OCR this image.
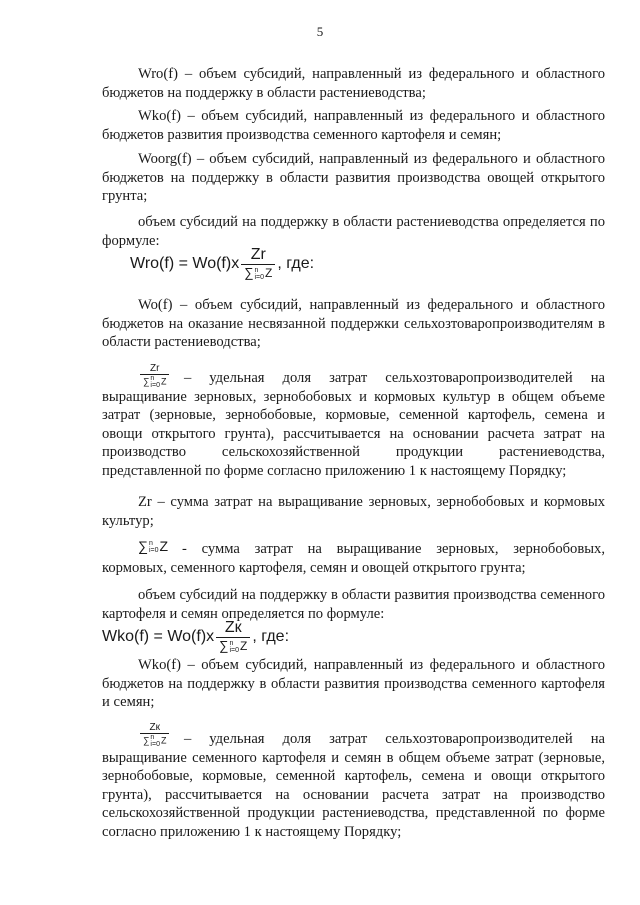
5
Wro(f) – объем субсидий, направленный из федерального и областного бюджетов на поддержку в области растениеводства;
Wko(f) – объем субсидий, направленный из федерального и областного бюджетов развития производства семенного картофеля и семян;
Woorg(f) – объем субсидий, направленный из федерального и областного бюджетов на поддержку в области развития производства овощей открытого грунта;
объем субсидий на поддержку в области растениеводства определяется по формуле:
Wro(f) =
Wo(f)x Zr
∑ n
i=0 Z , где:
Wo(f) – объем субсидий, направленный из федерального и областного бюджетов на оказание несвязанной поддержки сельхозтоваропроизводителям в области растениеводства;
Zr
∑ n
i=0 Z – удельная доля затрат сельхозтоваропроизводителей на выращивание зерновых, зернобобовых и кормовых культур в общем объеме затрат (зерновые, зернобобовые, кормовые, семенной картофель, семена и овощи открытого грунта), рассчитывается на основании расчета затрат на производство сельскохозяйственной продукции растениеводства, представленной по форме согласно приложению 1 к настоящему Порядку;
Zr – сумма затрат на выращивание зерновых, зернобобовых и кормовых культур;
∑ n
i=0 Z - сумма затрат на выращивание зерновых, зернобобовых, кормовых, семенного картофеля, семян и овощей открытого грунта;
объем субсидий на поддержку в области развития производства семенного картофеля и семян определяется по формуле:
Wko(f) =
Wo(f)x Zк
∑ n
i=0 Z , где:
Wko(f) – объем субсидий, направленный из федерального и областного бюджетов на поддержку в области развития производства семенного картофеля и семян;
Zк
∑ n
i=0 Z – удельная доля затрат сельхозтоваропроизводителей на выращивание семенного картофеля и семян в общем объеме затрат (зерновые, зернобобовые, кормовые, семенной картофель, семена и овощи открытого грунта), рассчитывается на основании расчета затрат на производство сельскохозяйственной продукции растениеводства, представленной по форме согласно приложению 1 к настоящему Порядку;
